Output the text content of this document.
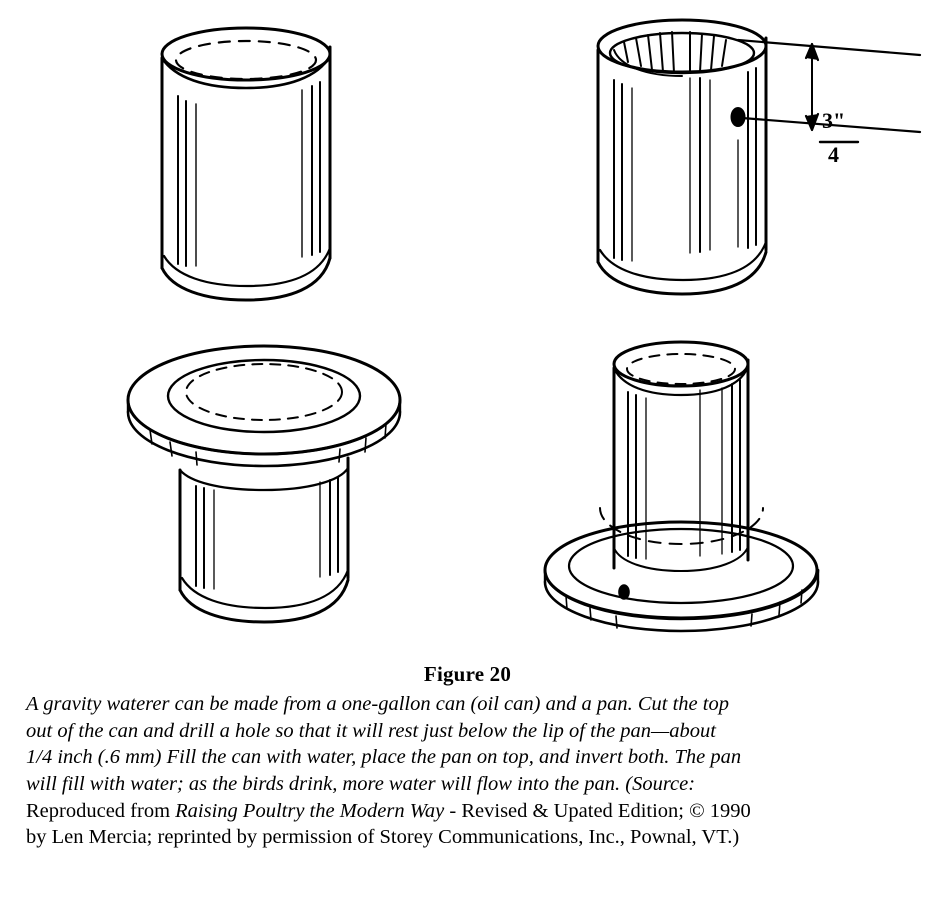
3"
4
Figure 20
A gravity waterer can be made from a one-gallon can (oil can) and a pan. Cut the top
out of the can and drill a hole so that it will rest just below the lip of the pan—about
1/4 inch (.6 mm) Fill the can with water, place the pan on top, and invert both. The pan
will fill with water; as the birds drink, more water will flow into the pan. (Source:
Reproduced from Raising Poultry the Modern Way - Revised & Upated Edition; © 1990
by Len Mercia; reprinted by permission of Storey Communications, Inc., Pownal, VT.)
